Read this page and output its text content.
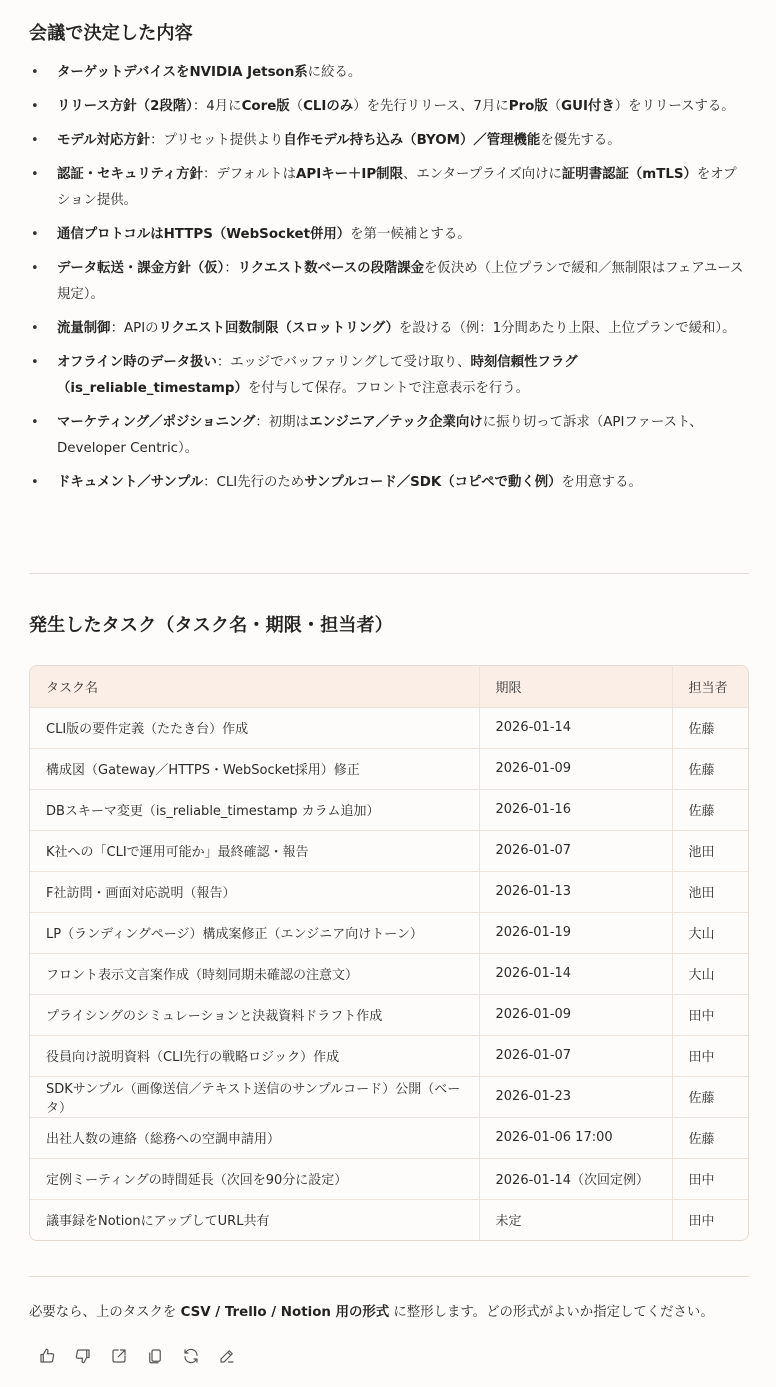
会議で決定した内容
• ターゲットデバイスをNVIDIA Jetson系に絞る。
• リリース方針（2段階）：4月にCore版（CLIのみ）を先行リリース、7月にPro版（GUI付き）をリリースする。
• モデル対応方針：プリセット提供より自作モデル持ち込み（BYOM）／管理機能を優先する。
• 認証・セキュリティ方針：デフォルトはAPIキー＋IP制限、エンタープライズ向けに証明書認証（mTLS）をオプション提供。
• 通信プロトコルはHTTPS（WebSocket併用）を第一候補とする。
• データ転送・課金方針（仮）：リクエスト数ベースの段階課金を仮決め（上位プランで緩和／無制限はフェアユース規定）。
• 流量制御：APIのリクエスト回数制限（スロットリング）を設ける（例：1分間あたり上限、上位プランで緩和）。
• オフライン時のデータ扱い：エッジでバッファリングして受け取り、時刻信頼性フラグ（is_reliable_timestamp）を付与して保存。フロントで注意表示を行う。
• マーケティング／ポジショニング：初期はエンジニア／テック企業向けに振り切って訴求（APIファースト、Developer Centric）。
• ドキュメント／サンプル：CLI先行のためサンプルコード／SDK（コピペで動く例）を用意する。
発生したタスク（タスク名・期限・担当者）
タスク名	期限	担当者
CLI版の要件定義（たたき台）作成	2026-01-14	佐藤
構成図（Gateway／HTTPS・WebSocket採用）修正	2026-01-09	佐藤
DBスキーマ変更（is_reliable_timestamp カラム追加）	2026-01-16	佐藤
K社への「CLIで運用可能か」最終確認・報告	2026-01-07	池田
F社訪問・画面対応説明（報告）	2026-01-13	池田
LP（ランディングページ）構成案修正（エンジニア向けトーン）	2026-01-19	大山
フロント表示文言案作成（時刻同期未確認の注意文）	2026-01-14	大山
プライシングのシミュレーションと決裁資料ドラフト作成	2026-01-09	田中
役員向け説明資料（CLI先行の戦略ロジック）作成	2026-01-07	田中
SDKサンプル（画像送信／テキスト送信のサンプルコード）公開（ベータ）	2026-01-23	佐藤
出社人数の連絡（総務への空調申請用）	2026-01-06 17:00	佐藤
定例ミーティングの時間延長（次回を90分に設定）	2026-01-14（次回定例）	田中
議事録をNotionにアップしてURL共有	未定	田中
必要なら、上のタスクを CSV / Trello / Notion 用の形式 に整形します。どの形式がよいか指定してください。
